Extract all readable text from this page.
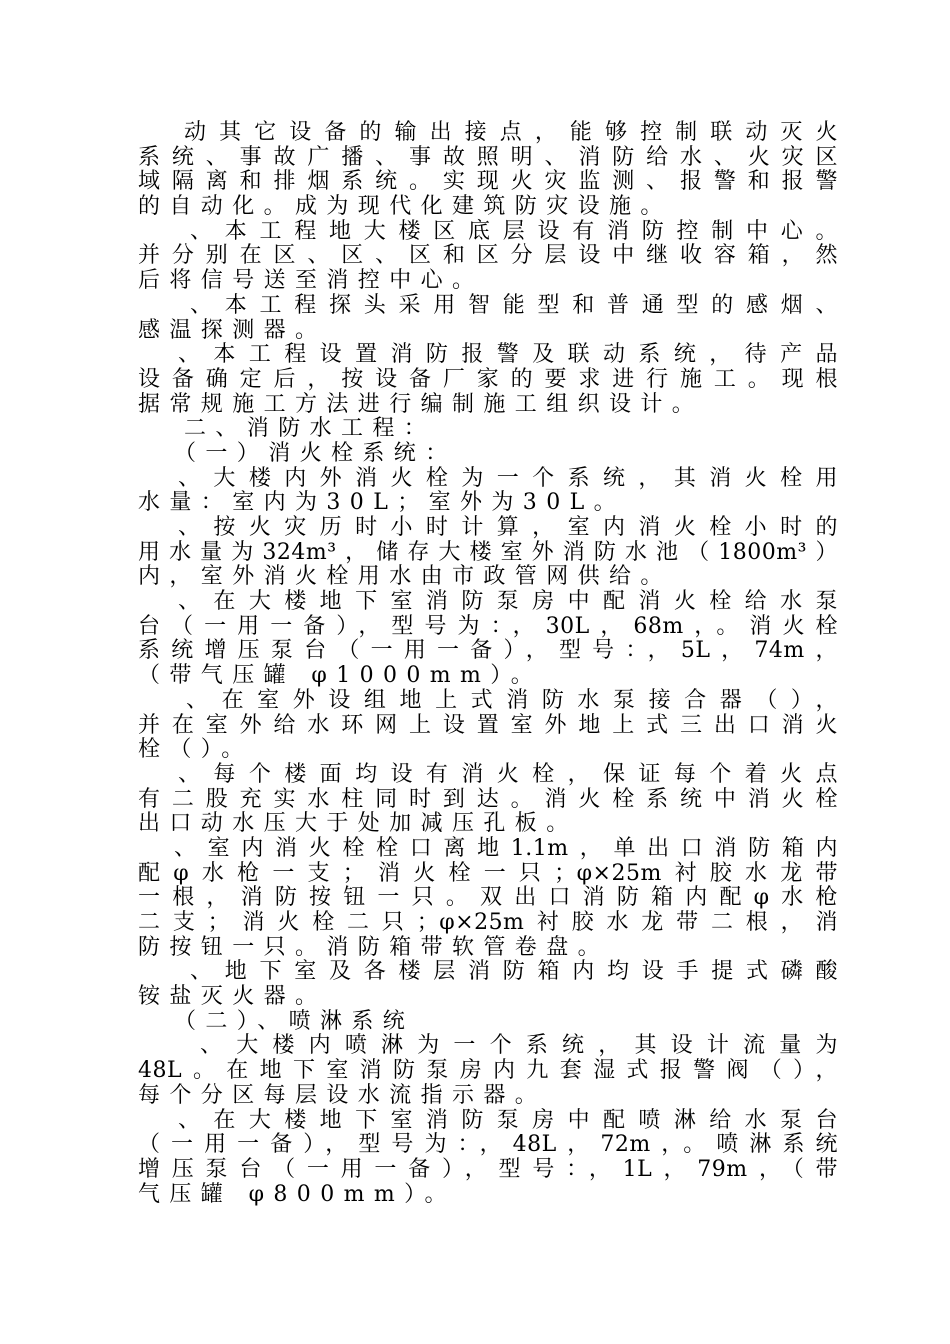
动其它设备的输出接点，能够控制联动灭火
系统、事故广播、事故照明、消防给水、火灾区
域隔离和排烟系统。实现火灾监测、报警和报警
的自动化。成为现代化建筑防灾设施。
、本工程地大楼区底层设有消防控制中心。
并分别在区、区、区和区分层设中继收容箱，然
后将信号送至消控中心。
、本工程探头采用智能型和普通型的感烟、
感温探测器。
、本工程设置消防报警及联动系统，待产品
设备确定后，按设备厂家的要求进行施工。现根
据常规施工方法进行编制施工组织设计。
二、消防水工程：
（一）消火栓系统：
、大楼内外消火栓为一个系统，其消火栓用
水量：室内为30L；室外为30L。
、按火灾历时小时计算，室内消火栓小时的
用水量为324m³，储存大楼室外消防水池（1800m³）
内，室外消火栓用水由市政管网供给。
、在大楼地下室消防泵房中配消火栓给水泵
台（一用一备），型号为：，30L，68m，。消火栓
系统增压泵台（一用一备），型号：，5L，74m，
（带气压罐 φ1000mm）。
、在室外设组地上式消防水泵接合器（），
并在室外给水环网上设置室外地上式三出口消火
栓（）。
、每个楼面均设有消火栓，保证每个着火点
有二股充实水柱同时到达。消火栓系统中消火栓
出口动水压大于处加减压孔板。
、室内消火栓栓口离地1.1m，单出口消防箱内
配φ水枪一支；消火栓一只；φ×25m衬胶水龙带
一根，消防按钮一只。双出口消防箱内配φ水枪
二支；消火栓二只；φ×25m衬胶水龙带二根，消
防按钮一只。消防箱带软管卷盘。
、地下室及各楼层消防箱内均设手提式磷酸
铵盐灭火器。
（二）、喷淋系统
、大楼内喷淋为一个系统，其设计流量为
48L。在地下室消防泵房内九套湿式报警阀（），
每个分区每层设水流指示器。
、在大楼地下室消防泵房中配喷淋给水泵台
（一用一备），型号为：，48L，72m，。喷淋系统
增压泵台（一用一备），型号：，1L，79m，（带
气压罐 φ800mm）。
